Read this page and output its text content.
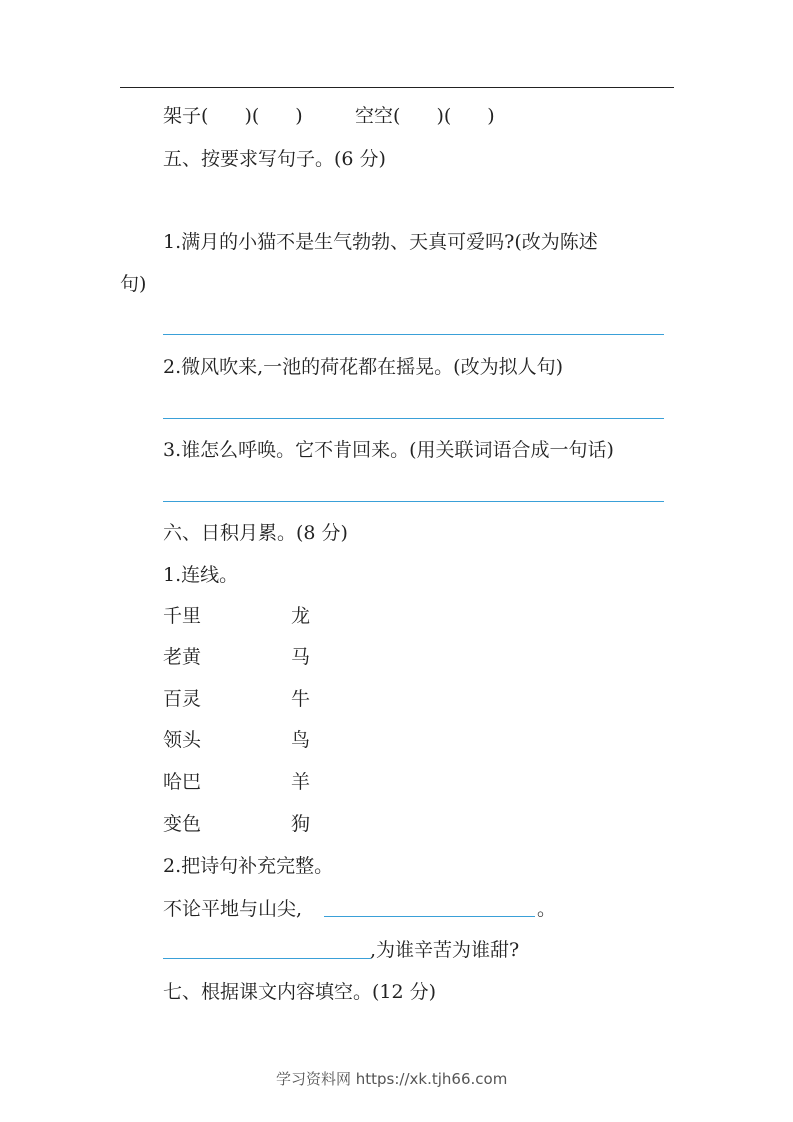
架子( )( )	空空( )( )
五、按要求写句子。(6 分)
1.满月的小猫不是生气勃勃、天真可爱吗?(改为陈述
句)
2.微风吹来,一池的荷花都在摇晃。(改为拟人句)
3.谁怎么呼唤。它不肯回来。(用关联词语合成一句话)
六、日积月累。(8 分)
1.连线。
千里	龙
老黄	马
百灵	牛
领头	鸟
哈巴	羊
变色	狗
2.把诗句补充完整。
不论平地与山尖,	。
,为谁辛苦为谁甜?
七、根据课文内容填空。(12 分)
学习资料网 https://xk.tjh66.com
